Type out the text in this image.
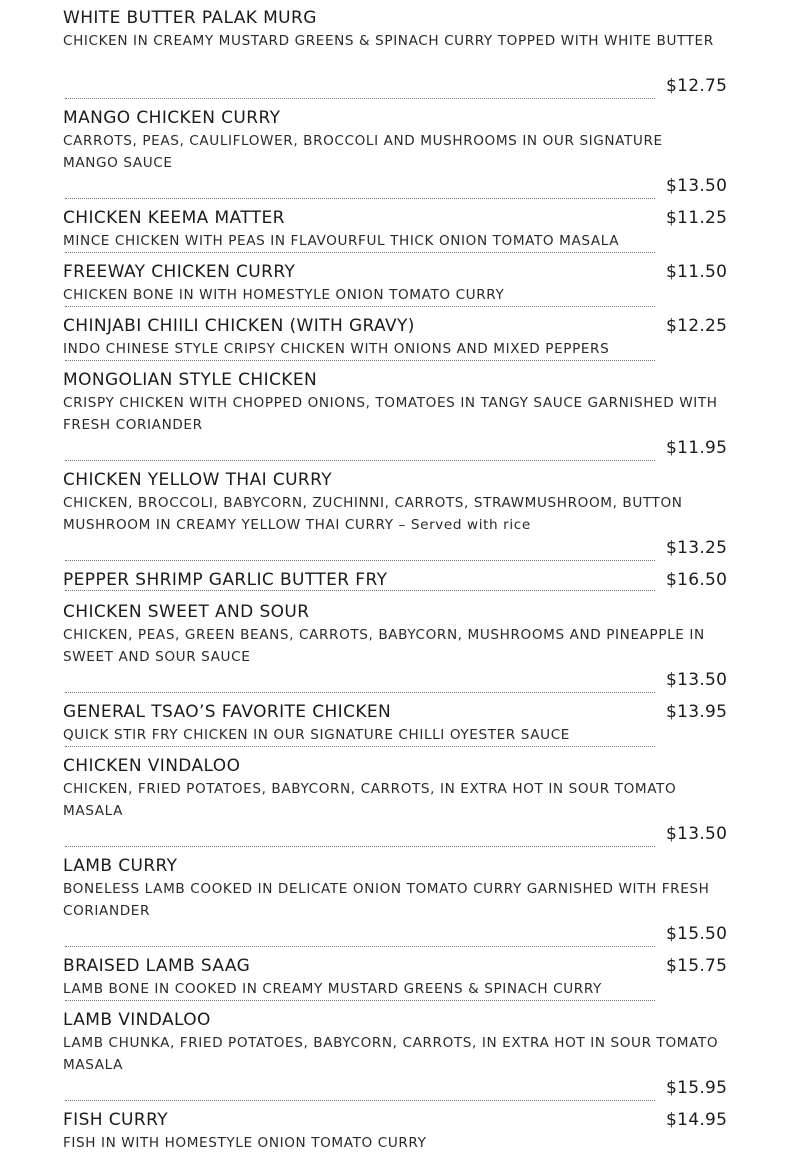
WHITE BUTTER PALAK MURG
CHICKEN IN CREAMY MUSTARD GREENS & SPINACH CURRY TOPPED WITH WHITE BUTTER
$12.75
MANGO CHICKEN CURRY
CARROTS, PEAS, CAULIFLOWER, BROCCOLI AND MUSHROOMS IN OUR SIGNATURE MANGO SAUCE
$13.50
CHICKEN KEEMA MATTER
MINCE CHICKEN WITH PEAS IN FLAVOURFUL THICK ONION TOMATO MASALA
$11.25
FREEWAY CHICKEN CURRY
CHICKEN BONE IN WITH HOMESTYLE ONION TOMATO CURRY
$11.50
CHINJABI CHIILI CHICKEN (WITH GRAVY)
INDO CHINESE STYLE CRIPSY CHICKEN WITH ONIONS AND MIXED PEPPERS
$12.25
MONGOLIAN STYLE CHICKEN
CRISPY CHICKEN WITH CHOPPED ONIONS, TOMATOES IN TANGY SAUCE GARNISHED WITH FRESH CORIANDER
$11.95
CHICKEN YELLOW THAI CURRY
CHICKEN, BROCCOLI, BABYCORN, ZUCHINNI, CARROTS, STRAWMUSHROOM, BUTTON MUSHROOM IN CREAMY YELLOW THAI CURRY – Served with rice
$13.25
PEPPER SHRIMP GARLIC BUTTER FRY	$16.50
CHICKEN SWEET AND SOUR
CHICKEN, PEAS, GREEN BEANS, CARROTS, BABYCORN, MUSHROOMS AND PINEAPPLE IN SWEET AND SOUR SAUCE
$13.50
GENERAL TSAO’S FAVORITE CHICKEN
QUICK STIR FRY CHICKEN IN OUR SIGNATURE CHILLI OYESTER SAUCE
$13.95
CHICKEN VINDALOO
CHICKEN, FRIED POTATOES, BABYCORN, CARROTS, IN EXTRA HOT IN SOUR TOMATO MASALA
$13.50
LAMB CURRY
BONELESS LAMB COOKED IN DELICATE ONION TOMATO CURRY GARNISHED WITH FRESH CORIANDER
$15.50
BRAISED LAMB SAAG
LAMB BONE IN COOKED IN CREAMY MUSTARD GREENS & SPINACH CURRY
$15.75
LAMB VINDALOO
LAMB CHUNKA, FRIED POTATOES, BABYCORN, CARROTS, IN EXTRA HOT IN SOUR TOMATO MASALA
$15.95
FISH CURRY
FISH IN WITH HOMESTYLE ONION TOMATO CURRY
$14.95
